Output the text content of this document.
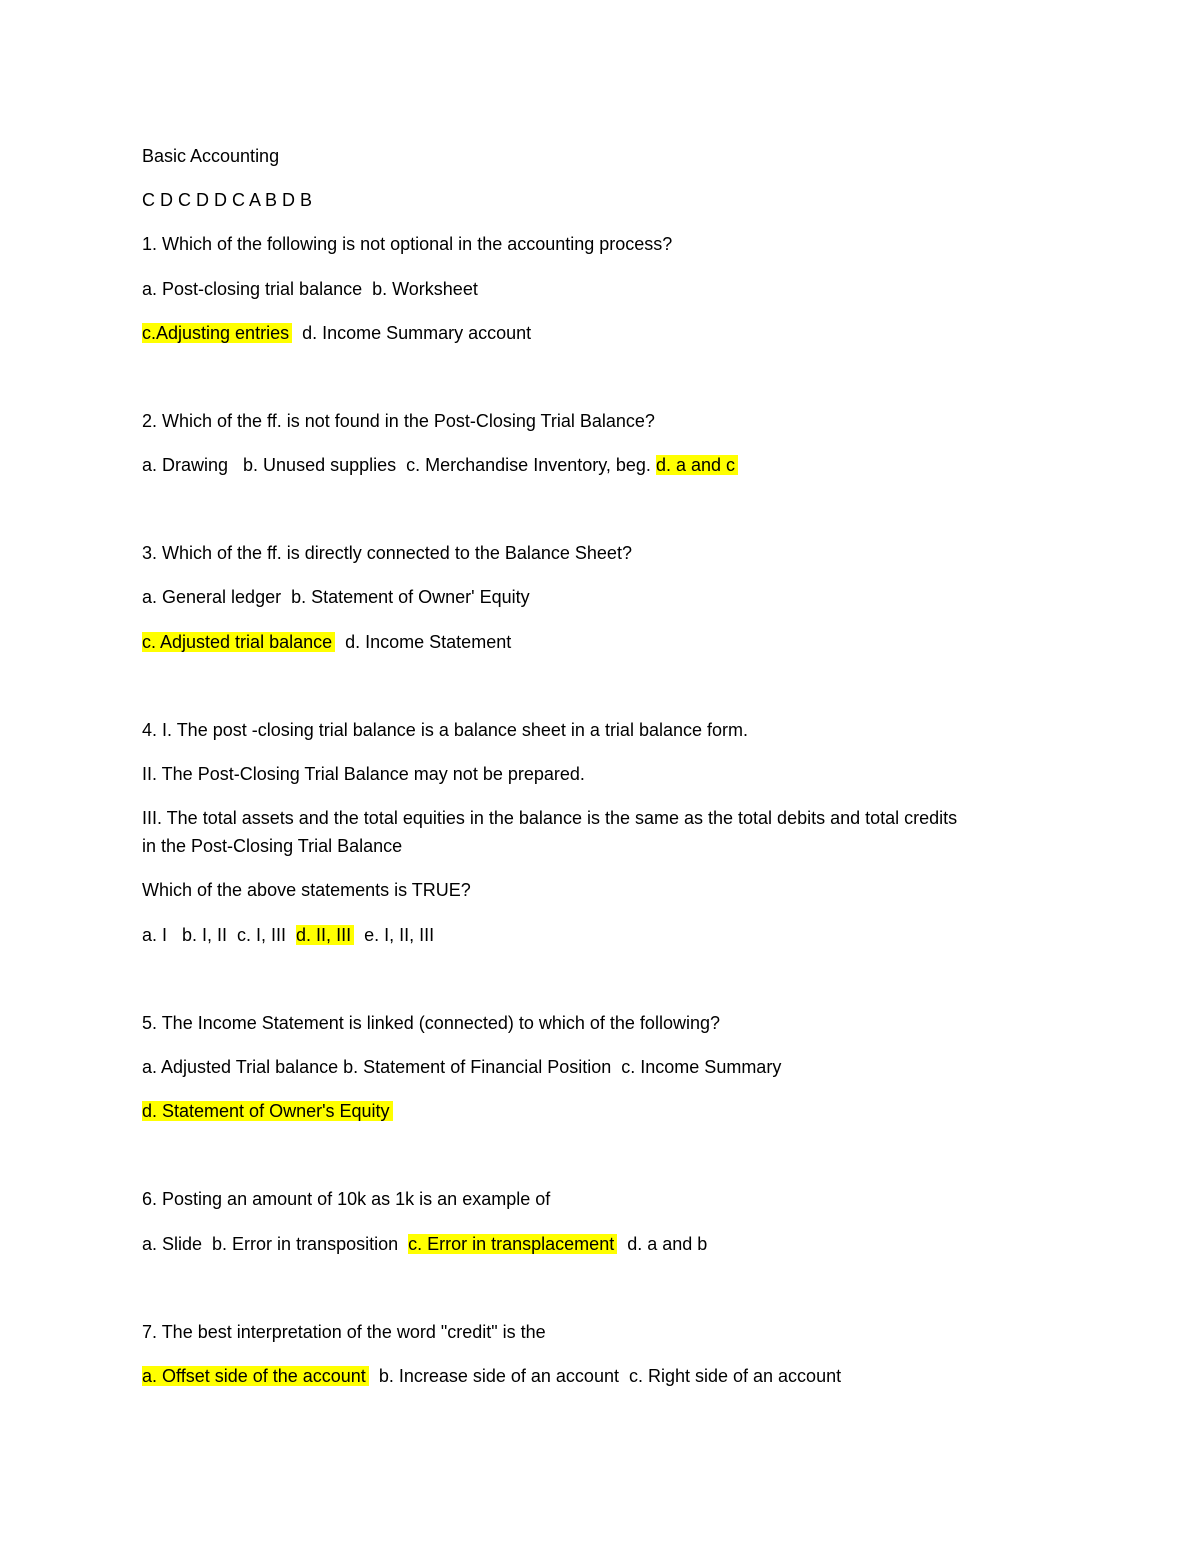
Basic Accounting

C D C D D C A B D B

1. Which of the following is not optional in the accounting process?

a. Post-closing trial balance  b. Worksheet

c.Adjusting entries  d. Income Summary account

2. Which of the ff. is not found in the Post-Closing Trial Balance?

a. Drawing   b. Unused supplies  c. Merchandise Inventory, beg. d. a and c

3. Which of the ff. is directly connected to the Balance Sheet?

a. General ledger  b. Statement of Owner' Equity

c. Adjusted trial balance  d. Income Statement

4. I. The post -closing trial balance is a balance sheet in a trial balance form.

II. The Post-Closing Trial Balance may not be prepared.

III. The total assets and the total equities in the balance is the same as the total debits and total credits

in the Post-Closing Trial Balance

Which of the above statements is TRUE?

a. I   b. I, II  c. I, III  d. II, III  e. I, II, III

5. The Income Statement is linked (connected) to which of the following?

a. Adjusted Trial balance b. Statement of Financial Position  c. Income Summary

d. Statement of Owner's Equity

6. Posting an amount of 10k as 1k is an example of

a. Slide  b. Error in transposition  c. Error in transplacement  d. a and b

7. The best interpretation of the word "credit" is the

a. Offset side of the account  b. Increase side of an account  c. Right side of an account
